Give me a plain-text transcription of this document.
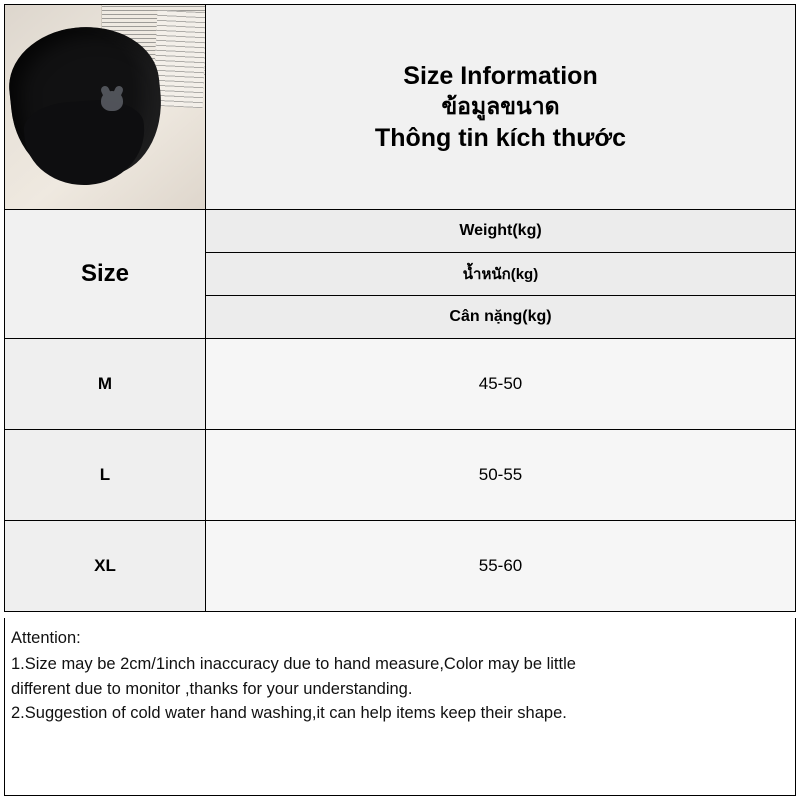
	Size Information
ข้อมูลขนาด
Thông tin kích thước

Size	Weight(kg)
	น้ำหนัก(kg)
	Cân nặng(kg)
M	45-50
L	50-55
XL	55-60
Attention:
1.Size may be 2cm/1inch inaccuracy due to hand measure,Color may be little
different due to monitor ,thanks for your understanding.
2.Suggestion of cold water hand washing,it can help items keep their shape.
